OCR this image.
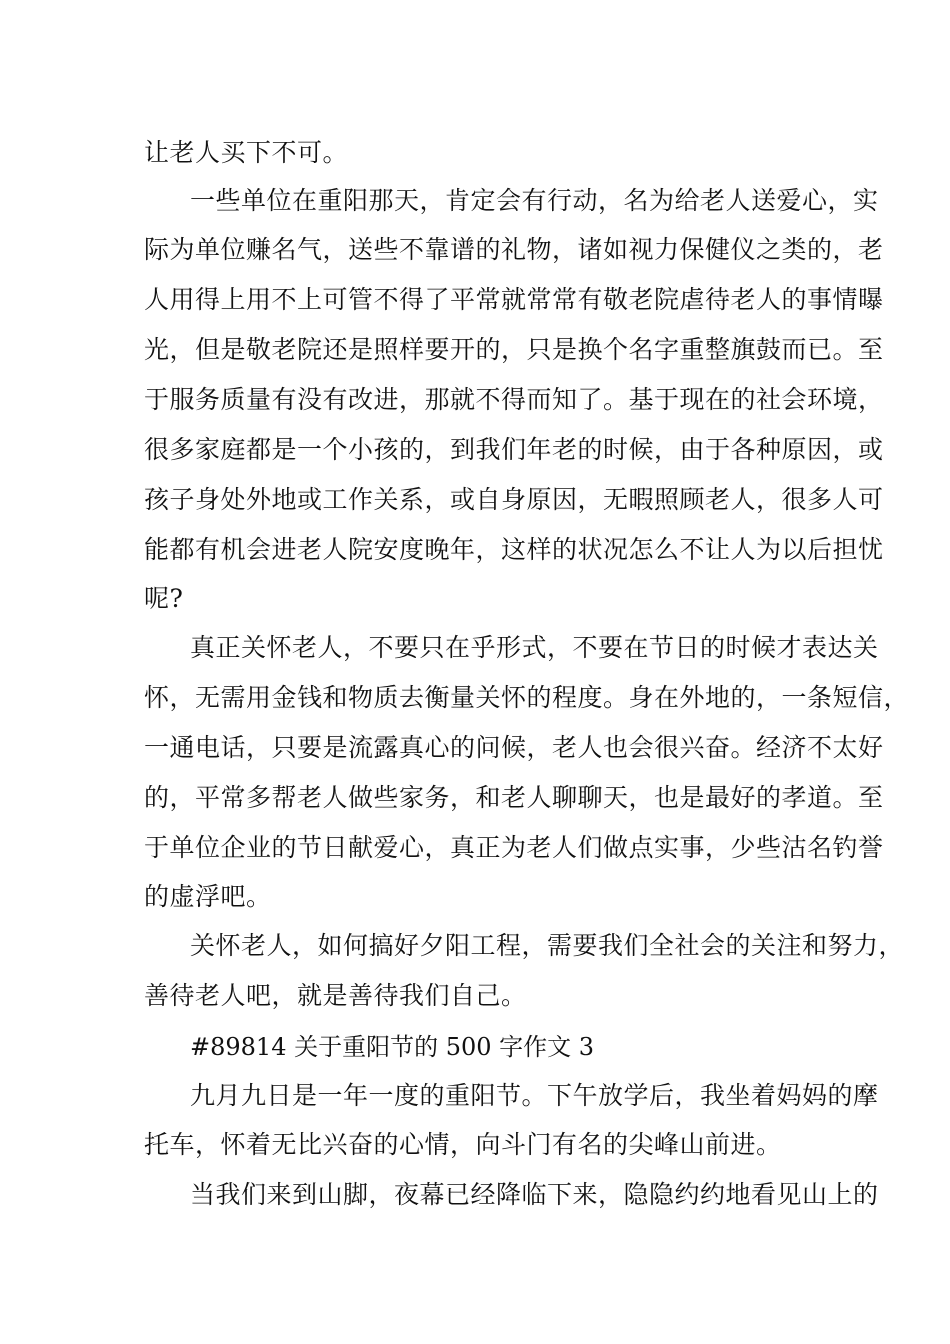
让老人买下不可。
一些单位在重阳那天，肯定会有行动，名为给老人送爱心，实
际为单位赚名气，送些不靠谱的礼物，诸如视力保健仪之类的，老
人用得上用不上可管不得了平常就常常有敬老院虐待老人的事情曝
光，但是敬老院还是照样要开的，只是换个名字重整旗鼓而已。至
于服务质量有没有改进，那就不得而知了。基于现在的社会环境，
很多家庭都是一个小孩的，到我们年老的时候，由于各种原因，或
孩子身处外地或工作关系，或自身原因，无暇照顾老人，很多人可
能都有机会进老人院安度晚年，这样的状况怎么不让人为以后担忧
呢?
真正关怀老人，不要只在乎形式，不要在节日的时候才表达关
怀，无需用金钱和物质去衡量关怀的程度。身在外地的，一条短信，
一通电话，只要是流露真心的问候，老人也会很兴奋。经济不太好
的，平常多帮老人做些家务，和老人聊聊天，也是最好的孝道。至
于单位企业的节日献爱心，真正为老人们做点实事，少些沽名钓誉
的虚浮吧。
关怀老人，如何搞好夕阳工程，需要我们全社会的关注和努力，
善待老人吧，就是善待我们自己。
#89814 关于重阳节的 500 字作文 3
九月九日是一年一度的重阳节。下午放学后，我坐着妈妈的摩
托车，怀着无比兴奋的心情，向斗门有名的尖峰山前进。
当我们来到山脚，夜幕已经降临下来，隐隐约约地看见山上的
